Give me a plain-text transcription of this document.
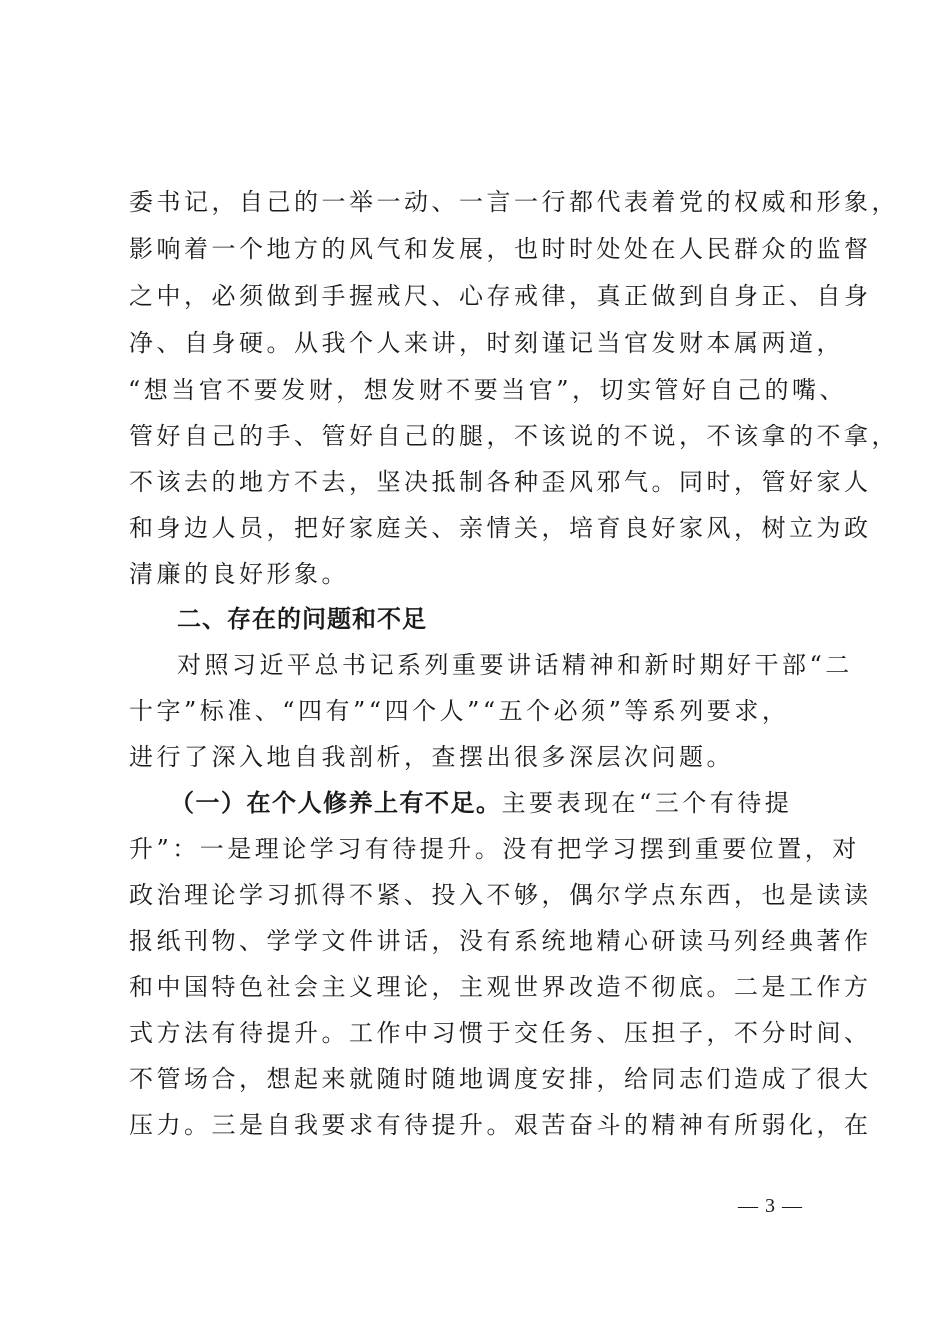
委书记，自己的一举一动、一言一行都代表着党的权威和形象，
影响着一个地方的风气和发展，也时时处处在人民群众的监督
之中，必须做到手握戒尺、心存戒律，真正做到自身正、自身
净、自身硬。从我个人来讲，时刻谨记当官发财本属两道，
“想当官不要发财，想发财不要当官”，切实管好自己的嘴、
管好自己的手、管好自己的腿，不该说的不说，不该拿的不拿，
不该去的地方不去，坚决抵制各种歪风邪气。同时，管好家人
和身边人员，把好家庭关、亲情关，培育良好家风，树立为政
清廉的良好形象。
二、存在的问题和不足
对照习近平总书记系列重要讲话精神和新时期好干部“二
十字”标准、“四有”“四个人”“五个必须”等系列要求，
进行了深入地自我剖析，查摆出很多深层次问题。
（一）在个人修养上有不足。主要表现在“三个有待提
升”：一是理论学习有待提升。没有把学习摆到重要位置，对
政治理论学习抓得不紧、投入不够，偶尔学点东西，也是读读
报纸刊物、学学文件讲话，没有系统地精心研读马列经典著作
和中国特色社会主义理论，主观世界改造不彻底。二是工作方
式方法有待提升。工作中习惯于交任务、压担子，不分时间、
不管场合，想起来就随时随地调度安排，给同志们造成了很大
压力。三是自我要求有待提升。艰苦奋斗的精神有所弱化，在
— 3 —
